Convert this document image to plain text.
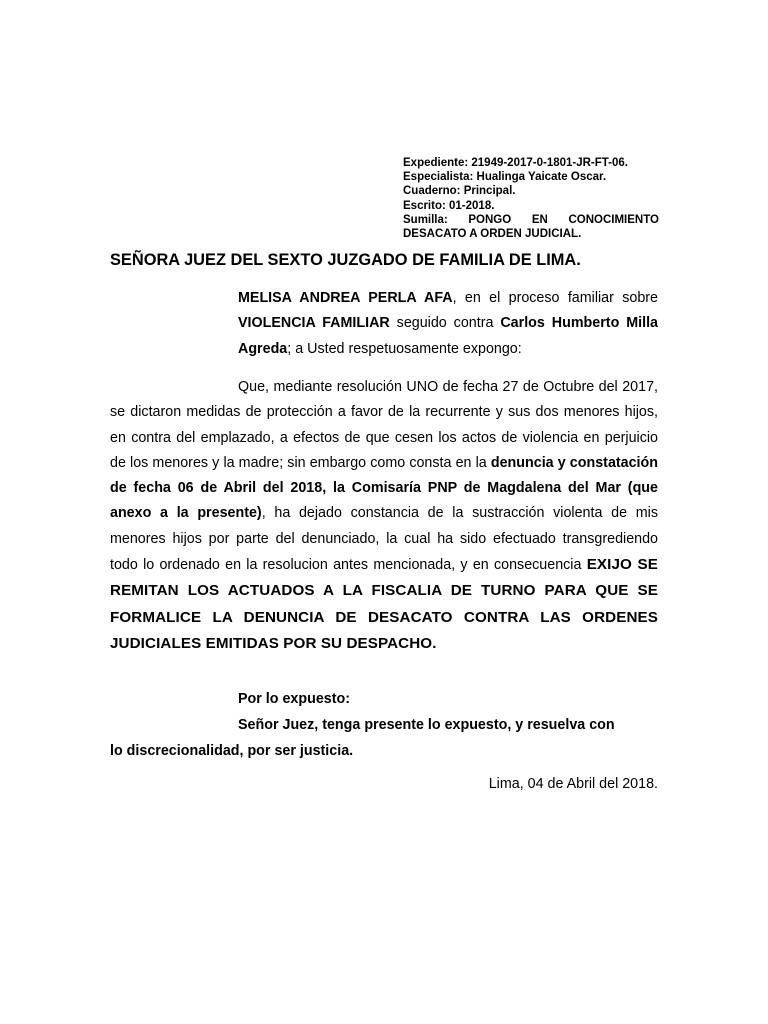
Expediente: 21949-2017-0-1801-JR-FT-06.
Especialista: Hualinga Yaicate Oscar.
Cuaderno: Principal.
Escrito: 01-2018.
Sumilla: PONGO EN CONOCIMIENTO
DESACATO A ORDEN JUDICIAL.
SEÑORA JUEZ DEL SEXTO JUZGADO DE FAMILIA DE LIMA.
MELISA ANDREA PERLA AFA, en el proceso familiar sobre VIOLENCIA FAMILIAR seguido contra Carlos Humberto Milla Agreda; a Usted respetuosamente expongo:
Que, mediante resolución UNO de fecha 27 de Octubre del 2017, se dictaron medidas de protección a favor de la recurrente y sus dos menores hijos, en contra del emplazado, a efectos de que cesen los actos de violencia en perjuicio de los menores y la madre; sin embargo como consta en la denuncia y constatación de fecha 06 de Abril del 2018, la Comisaría PNP de Magdalena del Mar (que anexo a la presente), ha dejado constancia de la sustracción violenta de mis menores hijos por parte del denunciado, la cual ha sido efectuado transgrediendo todo lo ordenado en la resolucion antes mencionada, y en consecuencia EXIJO SE REMITAN LOS ACTUADOS A LA FISCALIA DE TURNO PARA QUE SE FORMALICE LA DENUNCIA DE DESACATO CONTRA LAS ORDENES JUDICIALES EMITIDAS POR SU DESPACHO.
Por lo expuesto:
Señor Juez, tenga presente lo expuesto, y resuelva con
lo discrecionalidad, por ser justicia.
Lima, 04 de Abril del 2018.
